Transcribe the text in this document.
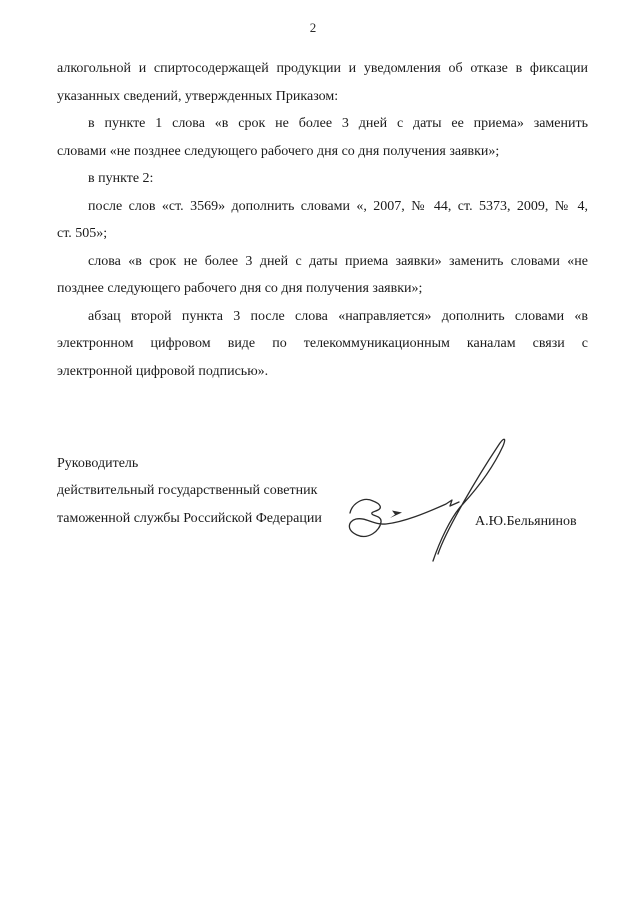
2
алкогольной и спиртосодержащей продукции и уведомления об отказе в фиксации
указанных сведений, утвержденных Приказом:
в пункте 1 слова «в срок не более 3 дней с даты ее приема» заменить
словами «не позднее следующего рабочего дня со дня получения заявки»;
в пункте 2:
после слов «ст. 3569» дополнить словами «, 2007, № 44, ст. 5373, 2009, № 4,
ст. 505»;
слова «в срок не более 3 дней с даты приема заявки» заменить словами «не
позднее следующего рабочего дня со дня получения заявки»;
абзац второй пункта 3 после слова «направляется» дополнить словами «в
электронном цифровом виде по телекоммуникационным каналам связи с
электронной цифровой подписью».
Руководитель
действительный государственный советник
таможенной службы Российской Федерации	А.Ю.Бельянинов
